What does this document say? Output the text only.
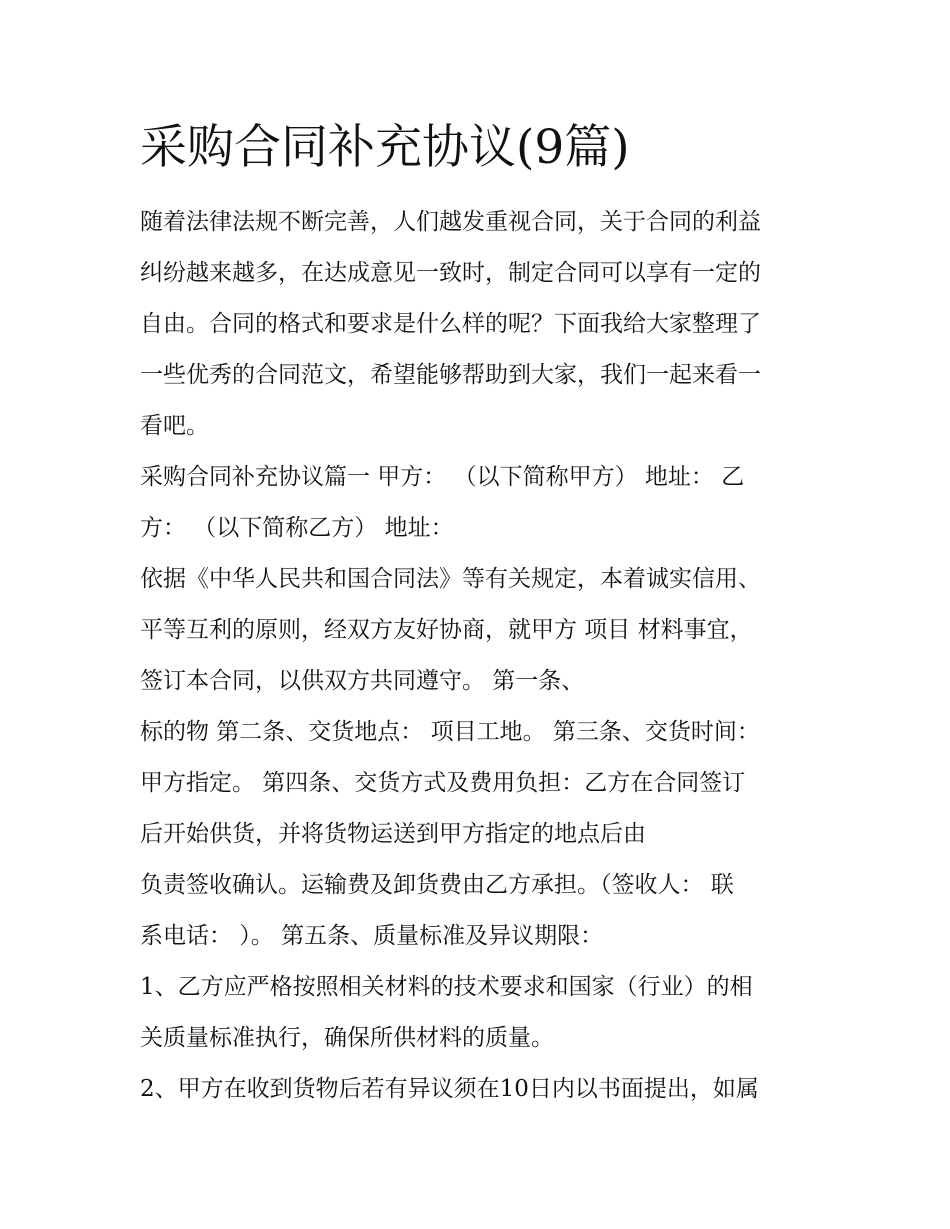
采购合同补充协议(9篇)

随着法律法规不断完善，人们越发重视合同，关于合同的利益

纠纷越来越多，在达成意见一致时，制定合同可以享有一定的

自由。合同的格式和要求是什么样的呢？下面我给大家整理了

一些优秀的合同范文，希望能够帮助到大家，我们一起来看一

看吧。

采购合同补充协议篇一 甲方： （以下简称甲方） 地址： 乙

方： （以下简称乙方） 地址：

依据《中华人民共和国合同法》等有关规定，本着诚实信用、

平等互利的原则，经双方友好协商，就甲方 项目 材料事宜，

签订本合同，以供双方共同遵守。 第一条、

标的物 第二条、交货地点： 项目工地。 第三条、交货时间：

甲方指定。 第四条、交货方式及费用负担：乙方在合同签订

后开始供货，并将货物运送到甲方指定的地点后由

负责签收确认。运输费及卸货费由乙方承担。（签收人： 联

系电话： ）。 第五条、质量标准及异议期限：

1、乙方应严格按照相关材料的技术要求和国家（行业）的相

关质量标准执行，确保所供材料的质量。

2、甲方在收到货物后若有异议须在10日内以书面提出，如属
